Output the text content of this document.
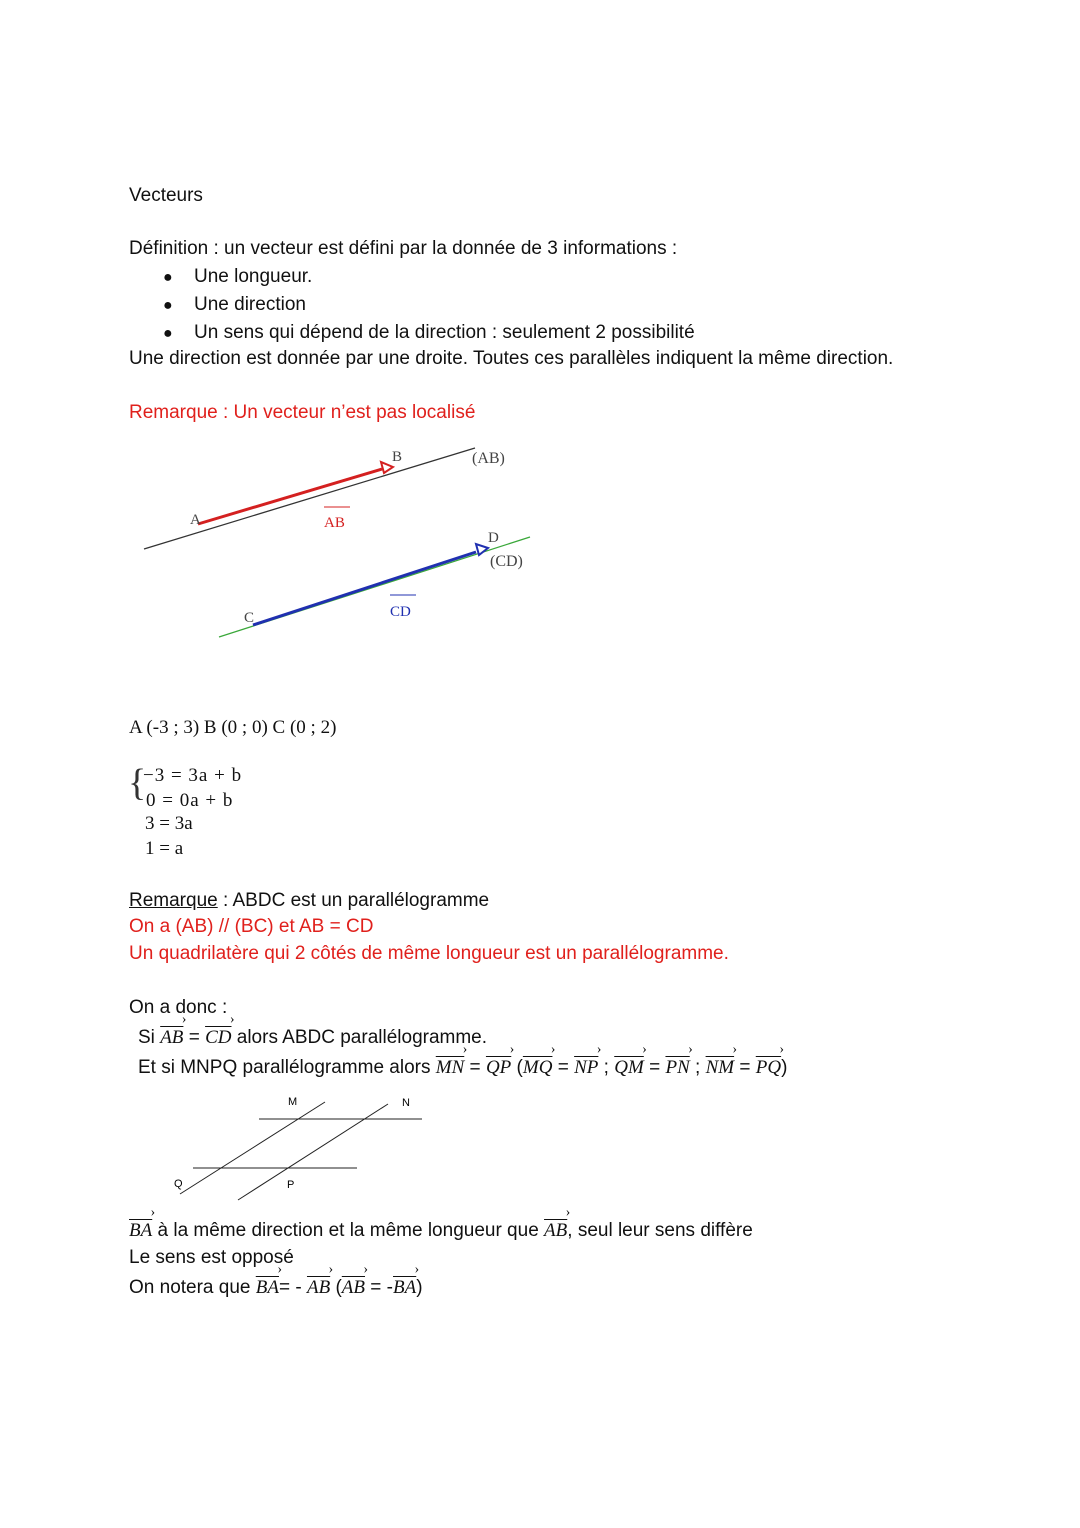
Vecteurs
Définition : un vecteur est défini par la donnée de 3 informations :
● Une longueur.
● Une direction
● Un sens qui dépend de la direction : seulement 2 possibilité
Une direction est donnée par une droite. Toutes ces parallèles indiquent la même direction.
Remarque : Un vecteur n’est pas localisé
A
B
C
D
(AB)
(CD)
AB
CD
A (-3 ; 3) B (0 ; 0) C (0 ; 2)
{
−3 = 3a + b
0 = 0a + b
3 = 3a
1 = a
Remarque : ABDC est un parallélogramme
On a (AB) // (BC) et AB = CD
Un quadrilatère qui 2 côtés de même longueur est un parallélogramme.
On a donc :
Si $\overline{AB}$ › = $\overline{CD}$ › alors ABDC parallélogramme.
Et si MNPQ parallélogramme alors $\overline{MN}$ › = $\overline{QP}$ › ($\overline{MQ}$ › = $\overline{NP}$ › ; $\overline{QM}$ › = $\overline{PN}$ › ; $\overline{NM}$ › = $\overline{PQ}$ ›)
M	N
P
Q
$\overline{BA}$ › à la même direction et la même longueur que $\overline{AB}$ ›, seul leur sens diffère
Le sens est opposé
On notera que $\overline{BA}$ ›= - $\overline{AB}$ › ($\overline{AB}$ › = $-\overline{BA}$ ›)
